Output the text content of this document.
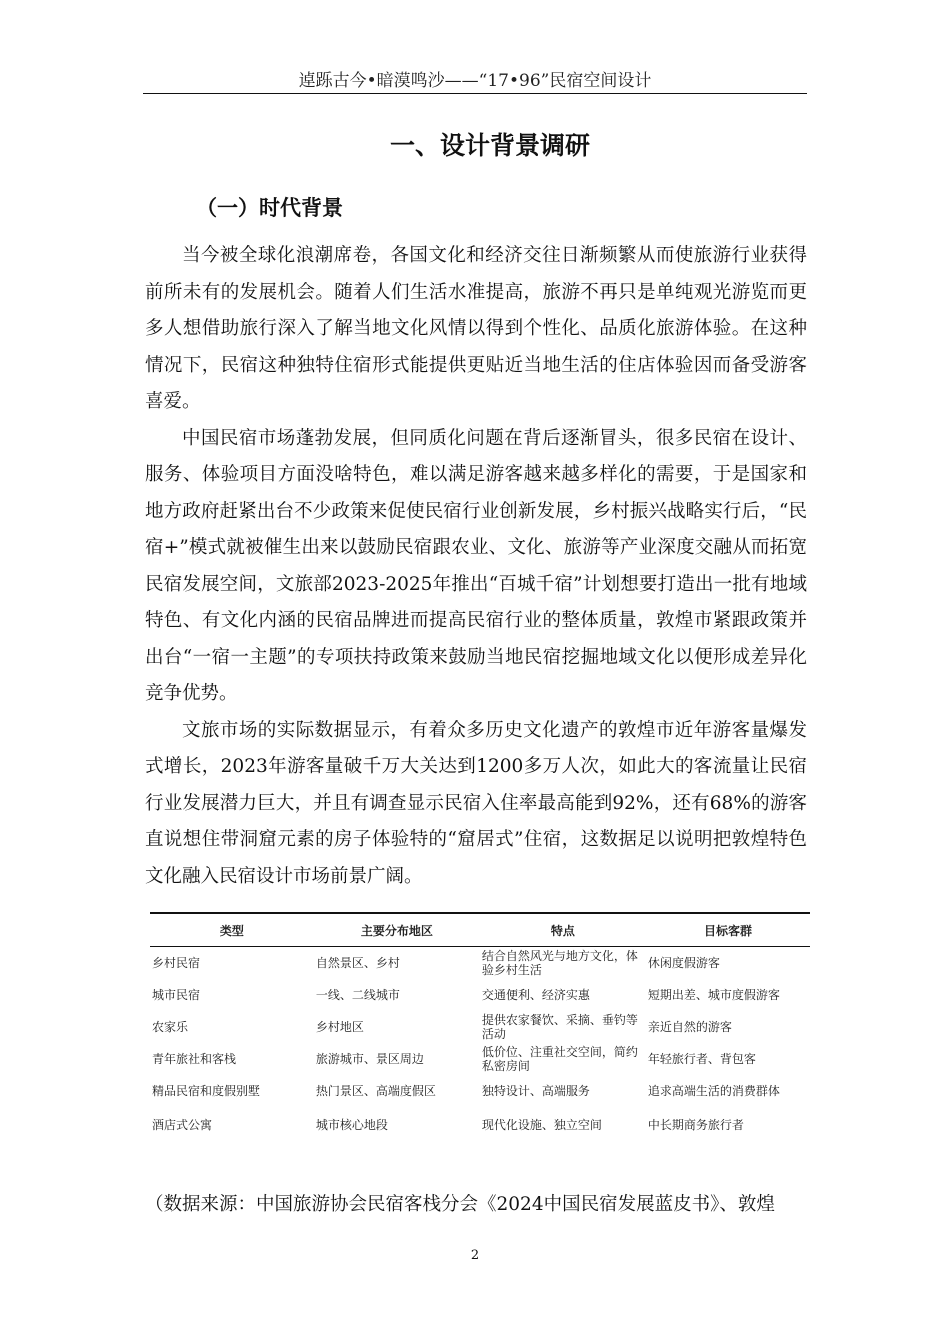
逴跞古今•暗漠鸣沙——“17•96”民宿空间设计
一、设计背景调研
（一）时代背景

当今被全球化浪潮席卷，各国文化和经济交往日渐频繁从而使旅游行业获得前所未有的发展机会。随着人们生活水准提高，旅游不再只是单纯观光游览而更多人想借助旅行深入了解当地文化风情以得到个性化、品质化旅游体验。在这种情况下，民宿这种独特住宿形式能提供更贴近当地生活的住店体验因而备受游客喜爱。

中国民宿市场蓬勃发展，但同质化问题在背后逐渐冒头，很多民宿在设计、服务、体验项目方面没啥特色，难以满足游客越来越多样化的需要，于是国家和地方政府赶紧出台不少政策来促使民宿行业创新发展，乡村振兴战略实行后，“民宿+”模式就被催生出来以鼓励民宿跟农业、文化、旅游等产业深度交融从而拓宽民宿发展空间，文旅部2023-2025年推出“百城千宿”计划想要打造出一批有地域特色、有文化内涵的民宿品牌进而提高民宿行业的整体质量，敦煌市紧跟政策并出台“一宿一主题”的专项扶持政策来鼓励当地民宿挖掘地域文化以便形成差异化竞争优势。

文旅市场的实际数据显示，有着众多历史文化遗产的敦煌市近年游客量爆发式增长，2023年游客量破千万大关达到1200多万人次，如此大的客流量让民宿行业发展潜力巨大，并且有调查显示民宿入住率最高能到92%，还有68%的游客直说想住带洞窟元素的房子体验特的“窟居式”住宿，这数据足以说明把敦煌特色文化融入民宿设计市场前景广阔。

类型	主要分布地区	特点	目标客群
乡村民宿	自然景区、乡村	结合自然风光与地方文化，体验乡村生活	休闲度假游客
城市民宿	一线、二线城市	交通便利、经济实惠	短期出差、城市度假游客
农家乐	乡村地区	提供农家餐饮、采摘、垂钓等活动	亲近自然的游客
青年旅社和客栈	旅游城市、景区周边	低价位、注重社交空间，简约私密房间	年轻旅行者、背包客
精品民宿和度假别墅	热门景区、高端度假区	独特设计、高端服务	追求高端生活的消费群体
酒店式公寓	城市核心地段	现代化设施、独立空间	中长期商务旅行者
（数据来源：中国旅游协会民宿客栈分会《2024中国民宿发展蓝皮书》、敦煌
2
